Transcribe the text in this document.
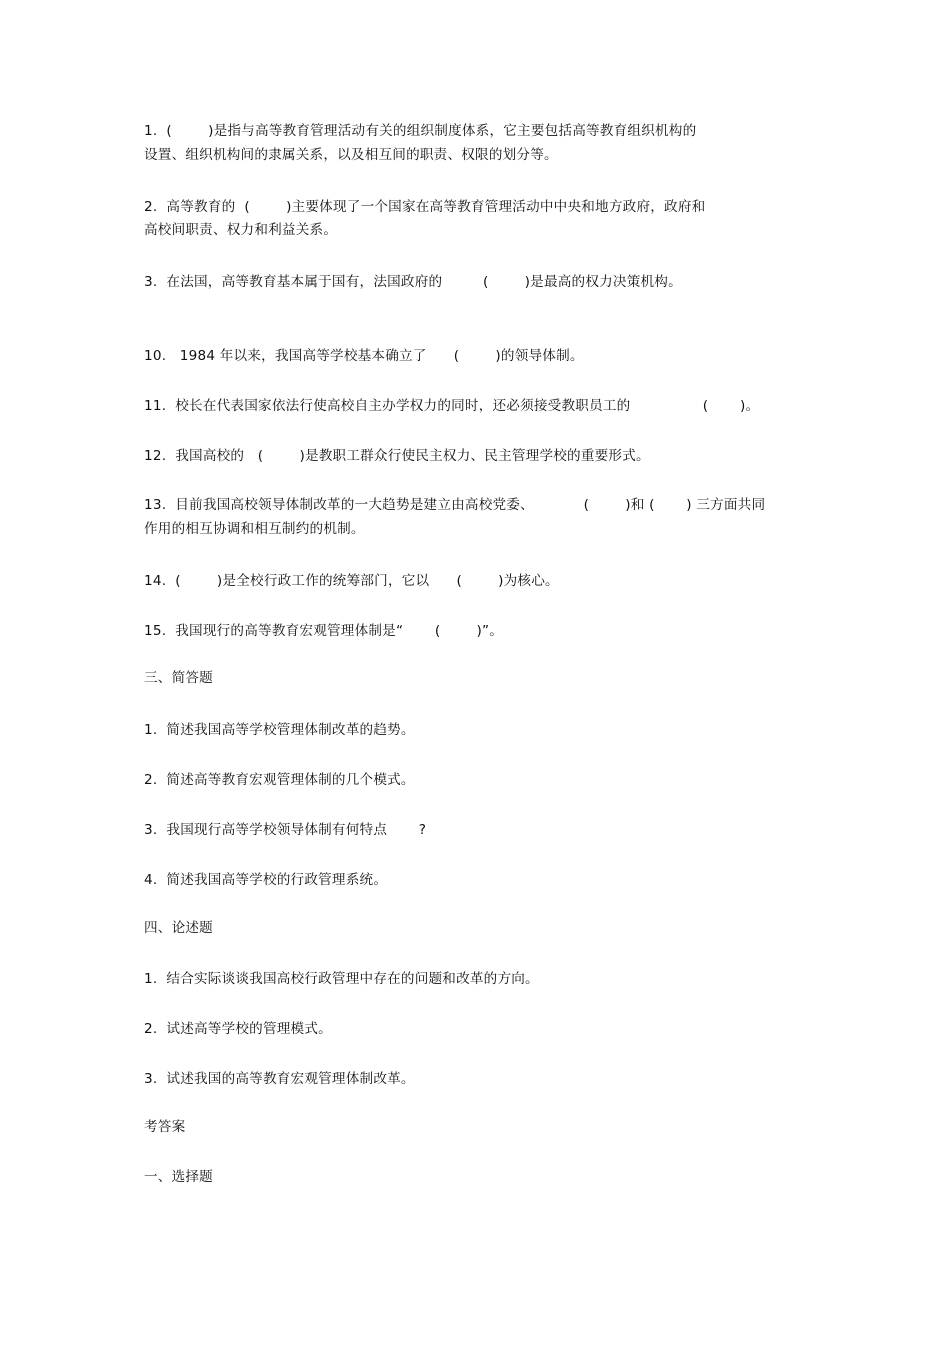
1.  (        )是指与高等教育管理活动有关的组织制度体系，它主要包括高等教育组织机构的

设置、组织机构间的隶属关系，以及相互间的职责、权限的划分等。

2.  高等教育的  (        )主要体现了一个国家在高等教育管理活动中中央和地方政府，政府和

高校间职责、权力和利益关系。

3.  在法国，高等教育基本属于国有，法国政府的         (        )是最高的权力决策机构。

10.   1984 年以来，我国高等学校基本确立了      (        )的领导体制。

11.  校长在代表国家依法行使高校自主办学权力的同时，还必须接受教职员工的                (       )。

12.  我国高校的   (        )是教职工群众行使民主权力、民主管理学校的重要形式。

13.  目前我国高校领导体制改革的一大趋势是建立由高校党委、           (        )和 (       ) 三方面共同

作用的相互协调和相互制约的机制。

14.  (        )是全校行政工作的统筹部门，它以      (        )为核心。

15.  我国现行的高等教育宏观管理体制是“       (        )”。

三、简答题

1.  简述我国高等学校管理体制改革的趋势。

2.  简述高等教育宏观管理体制的几个模式。

3.  我国现行高等学校领导体制有何特点       ?

4.  简述我国高等学校的行政管理系统。

四、论述题

1.  结合实际谈谈我国高校行政管理中存在的问题和改革的方向。

2.  试述高等学校的管理模式。

3.  试述我国的高等教育宏观管理体制改革。

考答案

一、选择题
